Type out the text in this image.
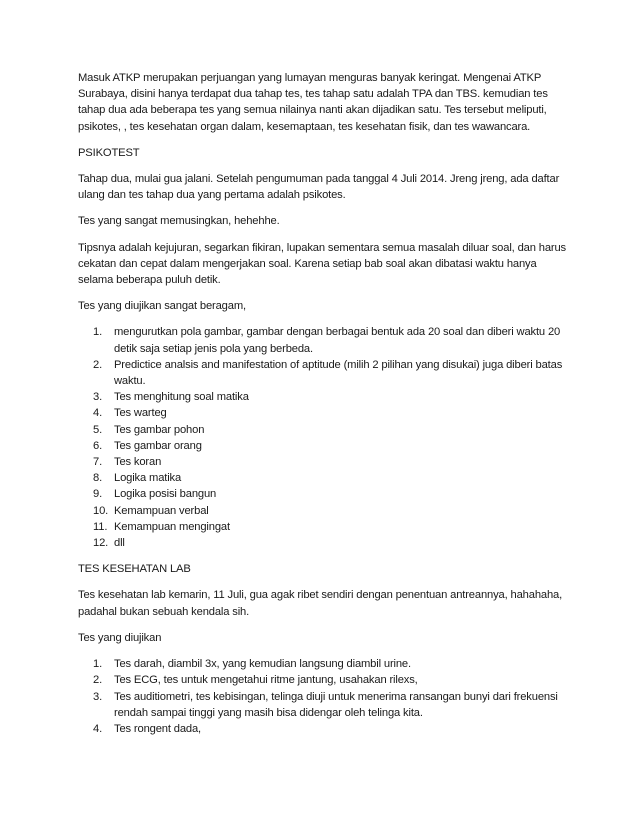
Masuk ATKP merupakan perjuangan yang lumayan menguras banyak keringat. Mengenai ATKP Surabaya, disini hanya terdapat dua tahap tes, tes tahap satu adalah TPA dan TBS. kemudian tes tahap dua ada beberapa tes yang semua nilainya nanti akan dijadikan satu. Tes tersebut meliputi, psikotes, , tes kesehatan organ dalam, kesemaptaan, tes kesehatan fisik, dan tes wawancara.

PSIKOTEST

Tahap dua, mulai gua jalani. Setelah pengumuman pada tanggal 4 Juli 2014. Jreng jreng, ada daftar ulang dan tes tahap dua yang pertama adalah psikotes.

Tes yang sangat memusingkan, hehehhe.

Tipsnya adalah kejujuran, segarkan fikiran, lupakan sementara semua masalah diluar soal, dan harus cekatan dan cepat dalam mengerjakan soal. Karena setiap bab soal akan dibatasi waktu hanya selama beberapa puluh detik.

Tes yang diujikan sangat beragam,

1.	mengurutkan pola gambar, gambar dengan berbagai bentuk ada 20 soal dan diberi waktu 20 detik saja setiap jenis pola yang berbeda.
2.	Predictice analsis and manifestation of aptitude (milih 2 pilihan yang disukai) juga diberi batas waktu.
3.	Tes menghitung soal matika
4.	Tes warteg
5.	Tes gambar pohon
6.	Tes gambar orang
7.	Tes koran
8.	Logika matika
9.	Logika posisi bangun
10. Kemampuan verbal
11. Kemampuan mengingat
12. dll

TES KESEHATAN LAB

Tes kesehatan lab kemarin, 11 Juli, gua agak ribet sendiri dengan penentuan antreannya, hahahaha, padahal bukan sebuah kendala sih.

Tes yang diujikan

1.	Tes darah, diambil 3x, yang kemudian langsung diambil urine.
2.	Tes ECG, tes untuk mengetahui ritme jantung, usahakan rilexs,
3.	Tes auditiometri, tes kebisingan, telinga diuji untuk menerima ransangan bunyi dari frekuensi rendah sampai tinggi yang masih bisa didengar oleh telinga kita.
4.	Tes rongent dada,
